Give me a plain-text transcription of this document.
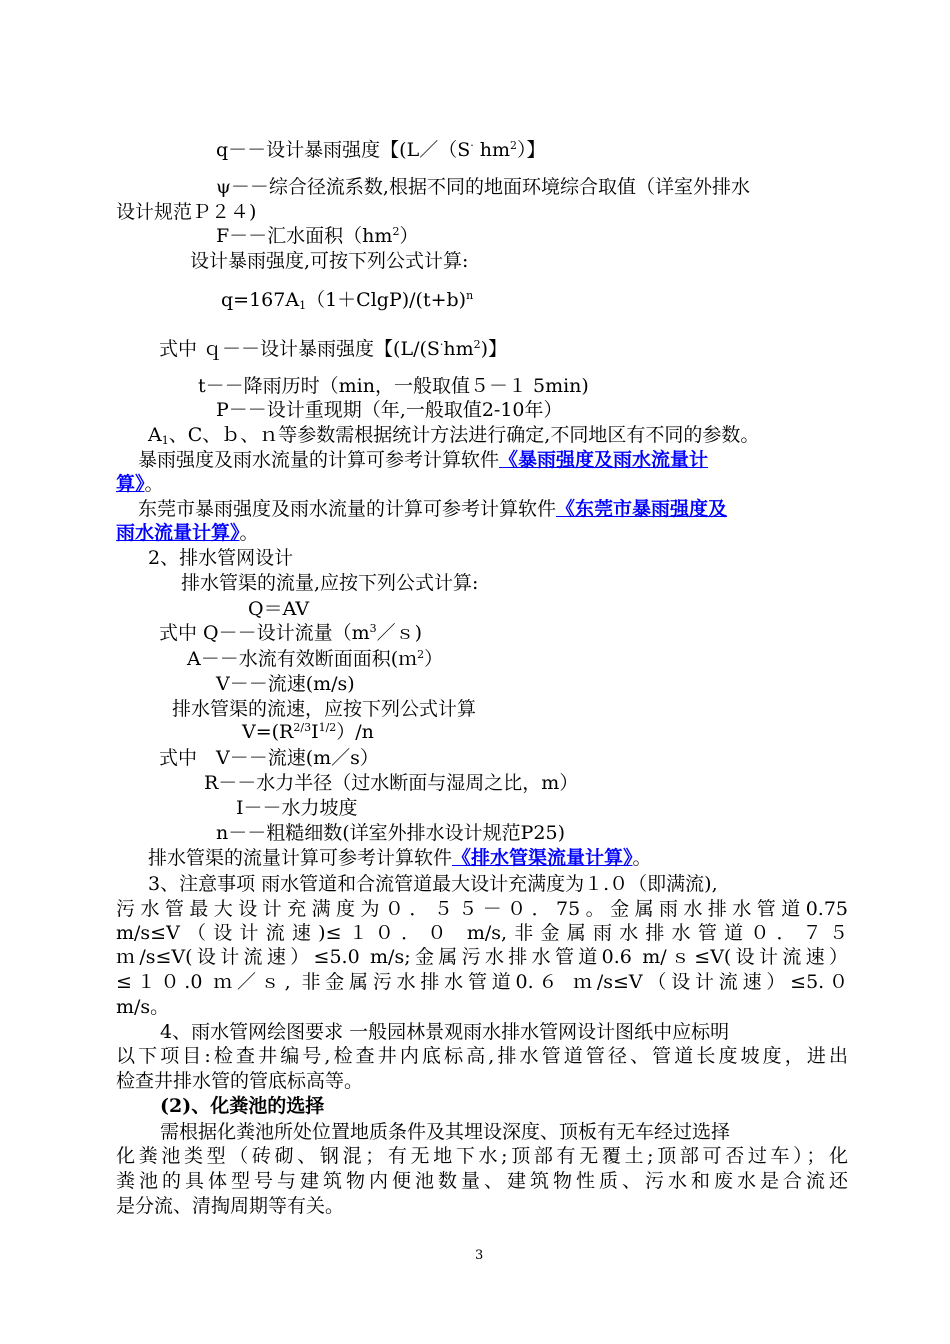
q－－设计暴雨强度【(L／（S· $hm^2$）】
ψ－－综合径流系数,根据不同的地面环境综合取值（详室外排水
设计规范Ｐ２４)
F－－汇水面积$(hm^2)$
设计暴雨强度,可按下列公式计算:
$q=167A_1(1+ClgP)/(t+b)^n$
式中 ｑ－－设计暴雨强度【($L/(S^\cdot hm^2)$】
t－－降雨历时（min，一般取值５－１ 5min)
P－－设计重现期（年,一般取值2-10年）
$A_1$、C、ｂ、ｎ等参数需根据统计方法进行确定,不同地区有不同的参数。
暴雨强度及雨水流量的计算可参考计算软件《暴雨强度及雨水流量计
算》。
东莞市暴雨强度及雨水流量的计算可参考计算软件《东莞市暴雨强度及
雨水流量计算》。
2、排水管网设计
排水管渠的流量,应按下列公式计算:
Q＝AV
式中 Q－－设计流量$(m^3/s)$
A－－水流有效断面面积(ｍ$^2$）
V－－流速(m/s)
排水管渠的流速，应按下列公式计算
$V=(R^{2/3}I^{1/2})/n$
式中　V－－流速(m／s）
R－－水力半径（过水断面与湿周之比，m）
I－－水力坡度
n－－粗糙细数(详室外排水设计规范P25)
排水管渠的流量计算可参考计算软件《排水管渠流量计算》。
3、注意事项 雨水管道和合流管道最大设计充满度为１.０（即满流),
污水管最大设计充满度为０．５５－０．75。金属雨水排水管道0.75
m/s≤V（设计流速)≤１０．０ m/s,非金属雨水排水管道０．７５
ｍ/s≤V(设计流速）≤5.0 m/s;金属污水排水管道0.6 m/ｓ≤V(设计流速）
≤１０.0 ｍ／ｓ, 非金属污水排水管道0.６ ｍ/s≤V（设计流速）≤5.０
m/s。
4、雨水管网绘图要求 一般园林景观雨水排水管网设计图纸中应标明
以下项目:检查井编号,检查井内底标高,排水管道管径、管道长度坡度，进出
检查井排水管的管底标高等。
(2)、化粪池的选择
需根据化粪池所处位置地质条件及其埋设深度、顶板有无车经过选择
化粪池类型（砖砌、钢混；有无地下水;顶部有无覆土;顶部可否过车）；化
粪池的具体型号与建筑物内便池数量、建筑物性质、污水和废水是合流还
是分流、清掏周期等有关。
3
